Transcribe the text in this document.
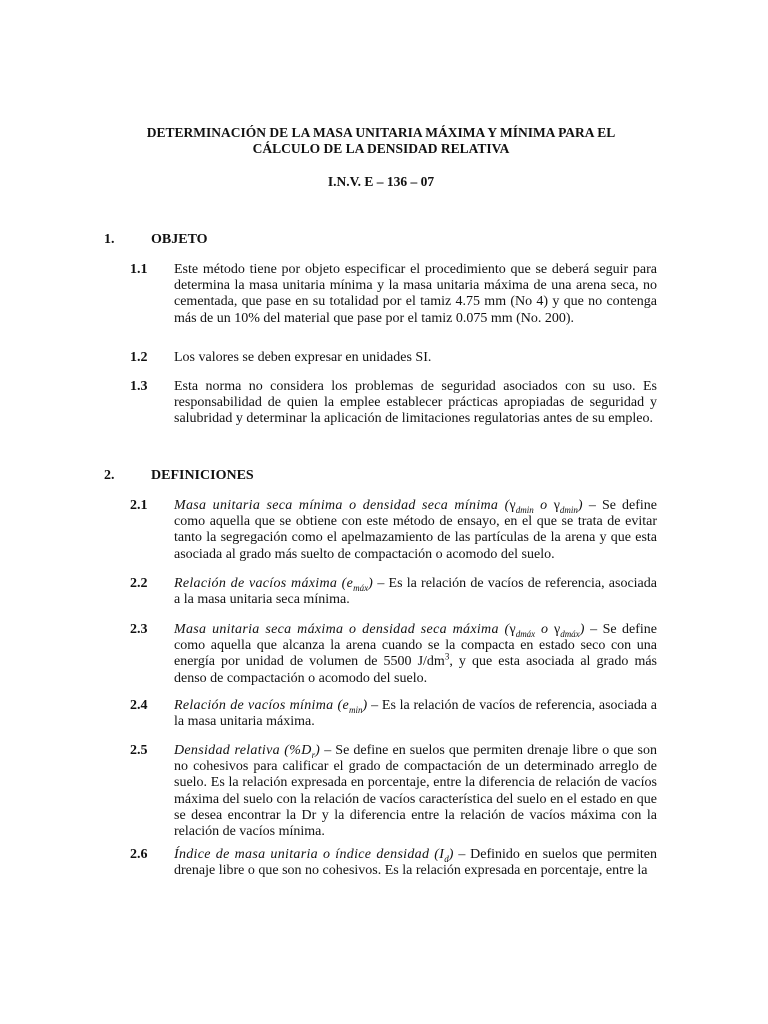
DETERMINACIÓN DE LA MASA UNITARIA MÁXIMA Y MÍNIMA PARA EL
CÁLCULO DE LA DENSIDAD RELATIVA
I.N.V. E – 136 – 07
1.	OBJETO
1.1 Este método tiene por objeto especificar el procedimiento que se deberá seguir para determina la masa unitaria mínima y la masa unitaria máxima de una arena seca, no cementada, que pase en su totalidad por el tamiz 4.75 mm (No 4) y que no contenga más de un 10% del material que pase por el tamiz 0.075 mm (No. 200).
1.2 Los valores se deben expresar en unidades SI.
1.3 Esta norma no considera los problemas de seguridad asociados con su uso. Es responsabilidad de quien la emplee establecer prácticas apropiadas de seguridad y salubridad y determinar la aplicación de limitaciones regulatorias antes de su empleo.
2.	DEFINICIONES
2.1 Masa unitaria seca mínima o densidad seca mínima ($\gamma_{dmin}$ o $\gamma_{dmin}$) – Se define como aquella que se obtiene con este método de ensayo, en el que se trata de evitar tanto la segregación como el apelmazamiento de las partículas de la arena y que esta asociada al grado más suelto de compactación o acomodo del suelo.
2.2 Relación de vacíos máxima $(e_{máx})$ – Es la relación de vacíos de referencia, asociada a la masa unitaria seca mínima.
2.3 Masa unitaria seca máxima o densidad seca máxima ($\gamma_{dmáx}$ o $\gamma_{dmáx}$) – Se define como aquella que alcanza la arena cuando se la compacta en estado seco con una energía por unidad de volumen de 5500 $J/dm^3$, y que esta asociada al grado más denso de compactación o acomodo del suelo.
2.4 Relación de vacíos mínima $(e_{min})$ – Es la relación de vacíos de referencia, asociada a la masa unitaria máxima.
2.5 Densidad relativa $(\%D_r)$ – Se define en suelos que permiten drenaje libre o que son no cohesivos para calificar el grado de compactación de un determinado arreglo de suelo. Es la relación expresada en porcentaje, entre la diferencia de relación de vacíos máxima del suelo con la relación de vacíos característica del suelo en el estado en que se desea encontrar la Dr y la diferencia entre la relación de vacíos máxima con la relación de vacíos mínima.
2.6 Índice de masa unitaria o índice densidad $(I_d)$ – Definido en suelos que permiten drenaje libre o que son no cohesivos. Es la relación expresada en porcentaje, entre la
